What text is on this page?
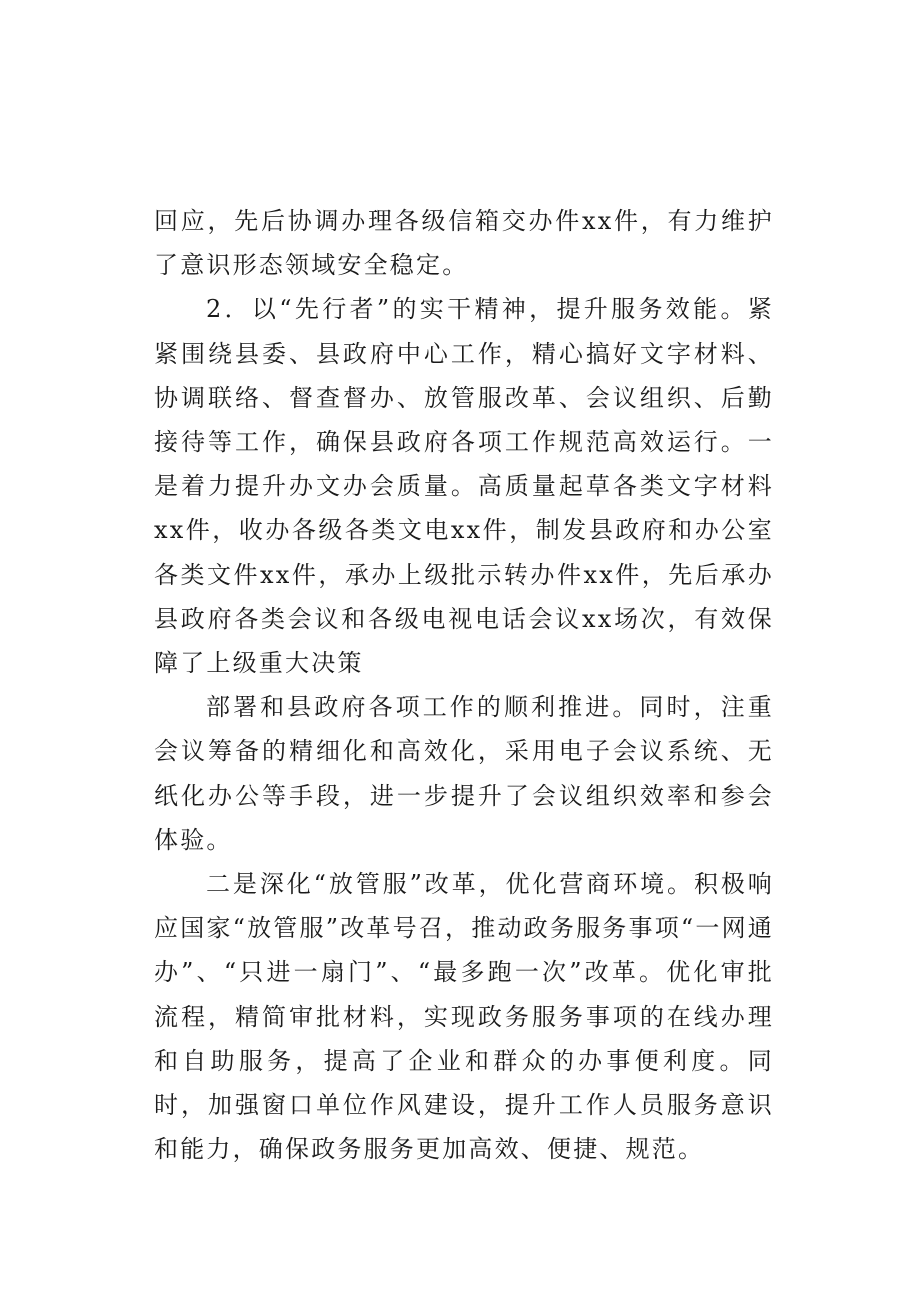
回应，先后协调办理各级信箱交办件xx件，有力维护了意识形态领域安全稳定。

2．以“先行者”的实干精神，提升服务效能。紧紧围绕县委、县政府中心工作，精心搞好文字材料、协调联络、督查督办、放管服改革、会议组织、后勤接待等工作，确保县政府各项工作规范高效运行。一是着力提升办文办会质量。高质量起草各类文字材料xx件，收办各级各类文电xx件，制发县政府和办公室各类文件xx件，承办上级批示转办件xx件，先后承办县政府各类会议和各级电视电话会议xx场次，有效保障了上级重大决策

部署和县政府各项工作的顺利推进。同时，注重会议筹备的精细化和高效化，采用电子会议系统、无纸化办公等手段，进一步提升了会议组织效率和参会体验。

二是深化“放管服”改革，优化营商环境。积极响应国家“放管服”改革号召，推动政务服务事项“一网通办”、“只进一扇门”、“最多跑一次”改革。优化审批流程，精简审批材料，实现政务服务事项的在线办理和自助服务，提高了企业和群众的办事便利度。同时，加强窗口单位作风建设，提升工作人员服务意识和能力，确保政务服务更加高效、便捷、规范。
